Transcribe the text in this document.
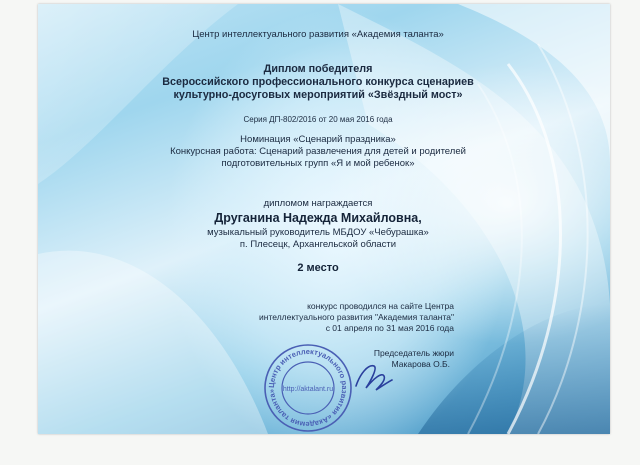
Центр интеллектуального развития «Академия таланта»
Диплом победителя
Всероссийского профессионального конкурса сценариев
культурно-досуговых мероприятий «Звёздный мост»
Серия ДП-802/2016 от 20 мая 2016 года
Номинация «Сценарий праздника»
Конкурсная работа: Сценарий развлечения для детей и родителей
подготовительных групп «Я и мой ребенок»
дипломом награждается
Друганина Надежда Михайловна,
музыкальный руководитель МБДОУ «Чебурашка»
п. Плесецк, Архангельской области
2 место
конкурс проводился на сайте Центра
интеллектуального развития "Академия таланта"
с 01 апреля по 31 мая 2016 года
Председатель жюри
Макарова О.Б.
Центр интеллектуального развития «Академия таланта» http://aktalant.ru
